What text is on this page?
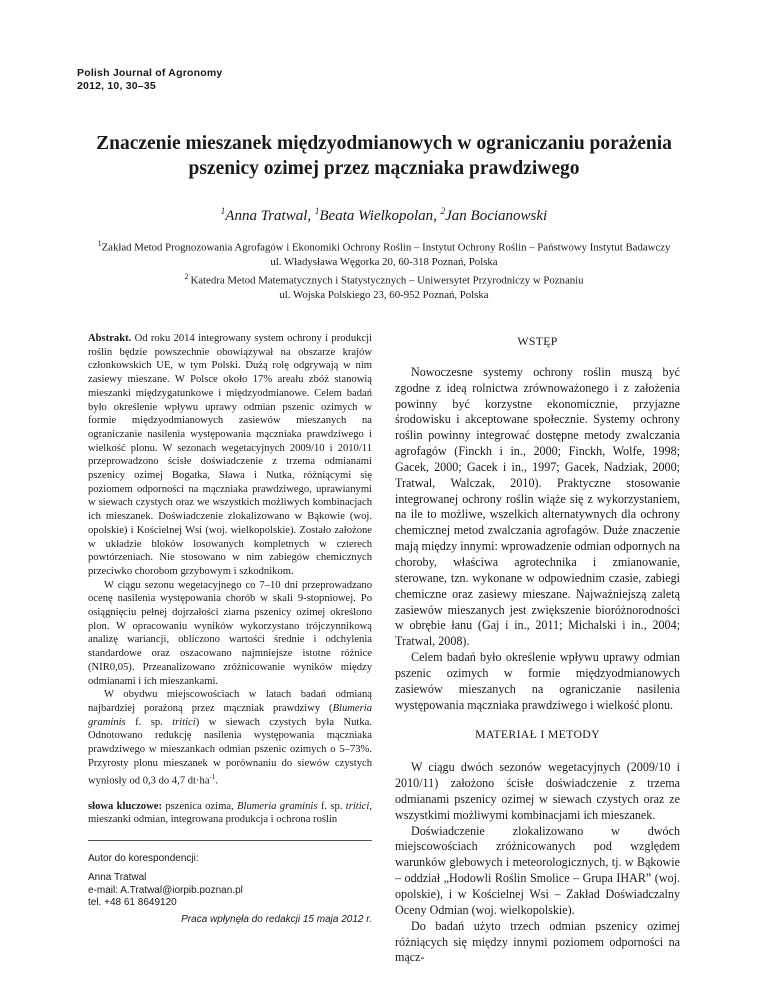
Polish Journal of Agronomy
2012, 10, 30–35
Znaczenie mieszanek międzyodmianowych w ograniczaniu porażenia
pszenicy ozimej przez mączniaka prawdziwego
$^1$Anna Tratwal, $^1$Beata Wielkopolan, $^2$Jan Bocianowski

$^1$Zakład Metod Prognozowania Agrofagów i Ekonomiki Ochrony Roślin – Instytut Ochrony Roślin – Państwowy Instytut Badawczy

ul. Władysława Węgorka 20, 60-318 Poznań, Polska

$^2$ Katedra Metod Matematycznych i Statystycznych – Uniwersytet Przyrodniczy w Poznaniu

ul. Wojska Polskiego 23, 60-952 Poznań, Polska

Abstrakt. Od roku 2014 integrowany system ochrony i produkcji roślin będzie powszechnie obowiązywał na obszarze krajów członkowskich UE, w tym Polski. Dużą rolę odgrywają w nim zasiewy mieszane. W Polsce około 17% areału zbóż stanowią mieszanki międzygatunkowe i międzyodmianowe. Celem badań było określenie wpływu uprawy odmian pszenic ozimych w formie międzyodmianowych zasiewów mieszanych na ograniczanie nasilenia występowania mączniaka prawdziwego i wielkość plonu. W sezonach wegetacyjnych 2009/10 i 2010/11 przeprowadzono ścisłe doświadczenie z trzema odmianami pszenicy ozimej Bogatka, Sława i Nutka, różniącymi się poziomem odporności na mączniaka prawdziwego, uprawianymi w siewach czystych oraz we wszystkich możliwych kombinacjach ich mieszanek. Doświadczenie zlokalizowano w Bąkowie (woj. opolskie) i Kościelnej Wsi (woj. wielkopolskie). Zostało założone w układzie bloków losowanych kompletnych w czterech powtórzeniach. Nie stosowano w nim zabiegów chemicznych przeciwko chorobom grzybowym i szkodnikom.

W ciągu sezonu wegetacyjnego co 7–10 dni przeprowadzano ocenę nasilenia występowania chorób w skali 9-stopniowej. Po osiągnięciu pełnej dojrzałości ziarna pszenicy ozimej określono plon. W opracowaniu wyników wykorzystano trójczynnikową analizę wariancji, obliczono wartości średnie i odchylenia standardowe oraz oszacowano najmniejsze istotne różnice (NIR0,05). Przeanalizowano zróżnicowanie wyników między odmianami i ich mieszankami.

W obydwu miejscowościach w latach badań odmianą najbardziej porażoną przez mączniak prawdziwy (Blumeria graminis f. sp. tritici) w siewach czystych była Nutka. Odnotowano redukcję nasilenia występowania mączniaka prawdziwego w mieszankach odmian pszenic ozimych o 5–73%. Przyrosty plonu mieszanek w porównaniu do siewów czystych wyniosły od 0,3 do 4,7 $dt\cdot ha^{-1}$.

słowa kluczowe: pszenica ozima, Blumeria graminis f. sp. tritici, mieszanki odmian, integrowana produkcja i ochrona roślin

Autor do korespondencji:

Anna Tratwal

e-mail: A.Tratwal@iorpib.poznan.pl

tel. +48 61 8649120

Praca wpłynęła do redakcji 15 maja 2012 r.

WSTĘP

Nowoczesne systemy ochrony roślin muszą być zgodne z ideą rolnictwa zrównoważonego i z założenia powinny być korzystne ekonomicznie, przyjazne środowisku i akceptowane społecznie. Systemy ochrony roślin powinny integrować dostępne metody zwalczania agrofagów (Finckh i in., 2000; Finckh, Wolfe, 1998; Gacek, 2000; Gacek i in., 1997; Gacek, Nadziak, 2000; Tratwal, Walczak, 2010). Praktyczne stosowanie integrowanej ochrony roślin wiąże się z wykorzystaniem, na ile to możliwe, wszelkich alternatywnych dla ochrony chemicznej metod zwalczania agrofagów. Duże znaczenie mają między innymi: wprowadzenie odmian odpornych na choroby, właściwa agrotechnika i zmianowanie, sterowane, tzn. wykonane w odpowiednim czasie, zabiegi chemiczne oraz zasiewy mieszane. Najważniejszą zaletą zasiewów mieszanych jest zwiększenie bioróżnorodności w obrębie łanu (Gaj i in., 2011; Michalski i in., 2004; Tratwal, 2008).

Celem badań było określenie wpływu uprawy odmian pszenic ozimych w formie międzyodmianowych zasiewów mieszanych na ograniczanie nasilenia występowania mączniaka prawdziwego i wielkość plonu.

MATERIAŁ I METODY

W ciągu dwóch sezonów wegetacyjnych (2009/10 i 2010/11) założono ścisłe doświadczenie z trzema odmianami pszenicy ozimej w siewach czystych oraz ze wszystkimi możliwymi kombinacjami ich mieszanek.

Doświadczenie zlokalizowano w dwóch miejscowościach zróżnicowanych pod względem warunków glebowych i meteorologicznych, tj. w Bąkowie – oddział „Hodowli Roślin Smolice – Grupa IHAR” (woj. opolskie), i w Kościelnej Wsi – Zakład Doświadczalny Oceny Odmian (woj. wielkopolskie).

Do badań użyto trzech odmian pszenicy ozimej różniących się między innymi poziomem odporności na mącz-
